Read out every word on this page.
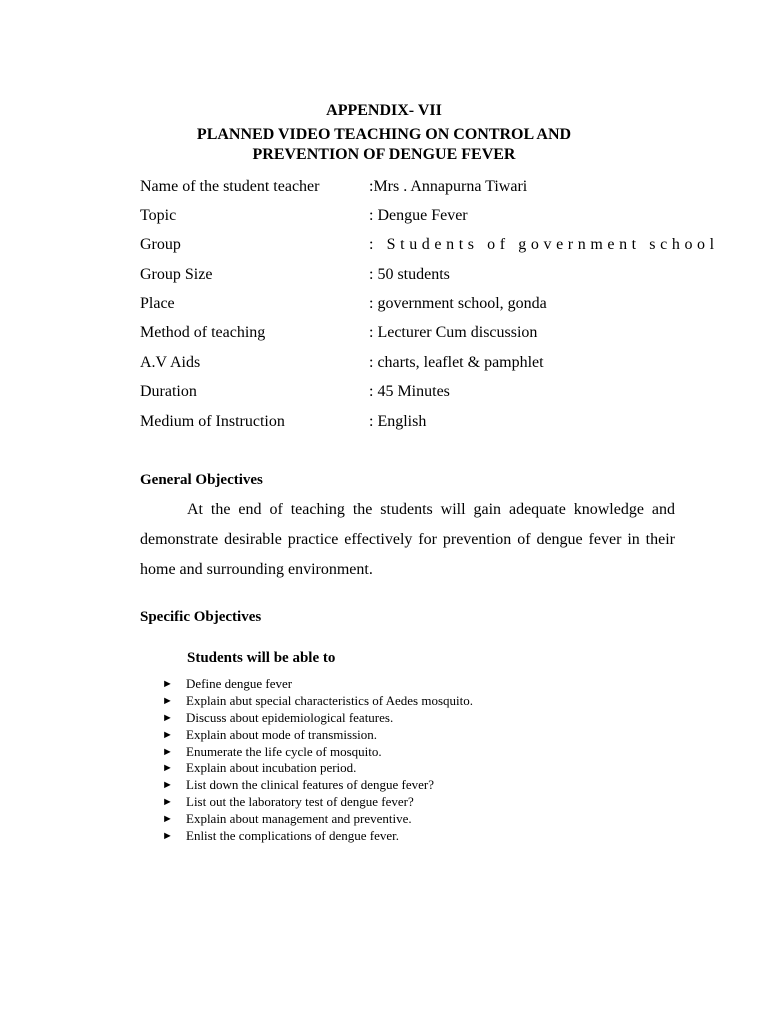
APPENDIX- VII
PLANNED VIDEO TEACHING ON CONTROL AND
PREVENTION OF DENGUE FEVER
Name of the student teacher	:Mrs . Annapurna Tiwari
Topic	: Dengue Fever
Group	: Students of government school
Group Size	: 50 students
Place	: government school, gonda
Method of teaching	: Lecturer Cum discussion
A.V Aids	: charts, leaflet & pamphlet
Duration	: 45 Minutes
Medium of Instruction	: English
General Objectives
At the end of teaching the students will gain adequate knowledge and demonstrate desirable practice effectively for prevention of dengue fever in their home and surrounding environment.
Specific Objectives
Students will be able to
► Define dengue fever
► Explain abut special characteristics of Aedes mosquito.
► Discuss about epidemiological features.
► Explain about mode of transmission.
► Enumerate the life cycle of mosquito.
► Explain about incubation period.
► List down the clinical features of dengue fever?
► List out the laboratory test of dengue fever?
► Explain about management and preventive.
► Enlist the complications of dengue fever.
